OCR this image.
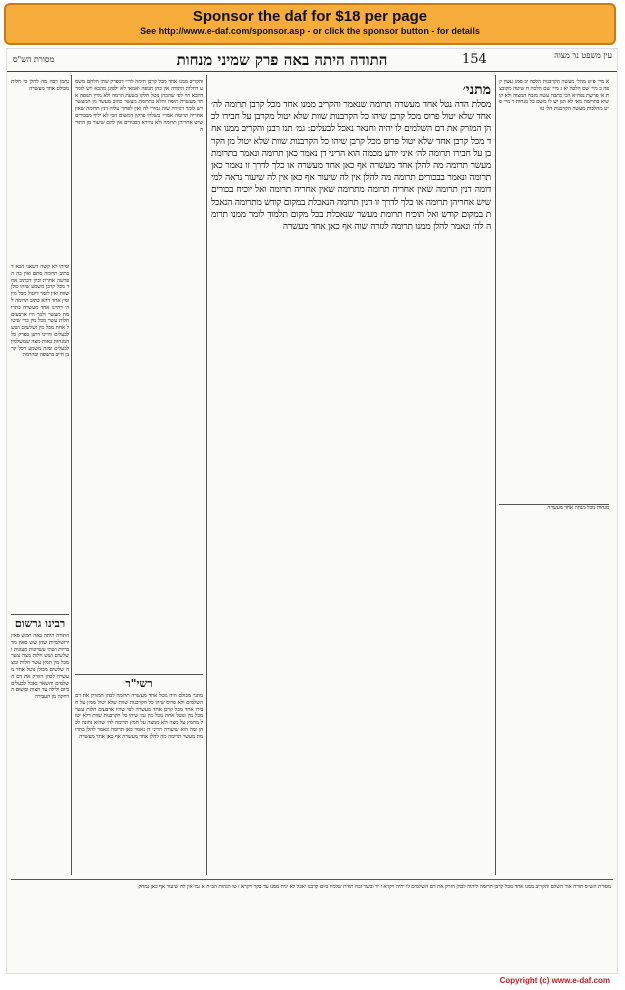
Sponsor the daf for $18 per page
See http://www.e-daf.com/sponsor.asp - or click the sponsor button - for details
מסורת הש"ס	התודה היתה באה פרק שמיני מנחות	154	עין משפט נר מצוה
נחמן רבה מה להלן כי חלות מכולם אחד מעשרה
ומיהו לא קשה דשאני הכא דכתיב תרומה סתם ואין בה הפרשה אחרת וכיון דכתיב אחד מכל קרבן משמע שיהו כולן שוות ואין לומר דיטול מכל מין ומין אחד דהא כתיב תרומה לה׳ דהיינו אחד מעשרה כתרומת מעשר ולכך היו ארבעים חלות עשר מכל מין כדי שיטול אחת מכל מין ושלשים ושש לבעלים והיינו דתנן בפרק כל המנחות באות מצה שמשלמין לבעלים ומזה משמע דכל קרבן חייב בתנופה ובהרמה
רבינו גרשום
התודה היתה באה חמש סאין ירושלמיות שהן שש סאין מדבריות ושתי עשרונות מעוגות ושלשים ושש חלות מצה עשר מכל מין חמץ עשר חלות ומצה שלשים מכולן נוטל אחד מעשרה לכהן הזורק את דם השלמים והשאר נאכל לבעלים ביום ולילה עד חצות ומשום הרחקה מן העבירה
והקריב ממנו אחד מכל קרבן תימה לר״י דבפרק שתי הלחם משמע דחלות התודה אין בהן תנופה ואמאי לא ילפינן מהכא ויש לומר דהכא הוי לפי שהכהן נוטל חלקו בשעת הרמה ולא מדין תנופה אחד מעשרה תימה והלא בתרומת מעשר כתיב מעשר מן המעשר ויש לומר דגזירה שוה גמירי לה ואין לפרוך עליה דנין תרומה שאין אחריה תרומה אמרי׳ בשלהי פרקין דמשום הכי לא יליף מבכורים שיש אחריהן תרומה ולא נהירא דבכורים אין להם שיעור מן התורה
רשי"ר
מתני׳ מכולם היה נוטל אחד מעשרה תרומה לכהן המזרק את דם השלמים ולא פרוס שיהו כל הקרבנות שוות שלא יטול ממין על חבירו אחד מכל קרבן אחד מעשרה לפי שהיו ארבעים חלות עשר מכל מין ונוטל אחת מכל מין גמ׳ שיהו כל הקרבנות שוות דלא יטול מחמץ על מצה ולא ממצה על חמץ תרומה לה׳ שהיא נתונה לכהן ומה הוא שיעורה הריני דן נאמר כאן תרומה ונאמר להלן בתרומת מעשר תרומה מה להלן אחד מעשרה אף כאן אחד מעשרה
מתני׳
מסלת הדה נטל אחד מעשרה תרומה שנאמר והקריב ממנו אחד מכל קרבן תרומה לה׳ אחד שלא יטול פרוס מכל קרבן שיהו כל הקרבנות שוות שלא יטול מקרבן על חבירו לכהן המזרק את דם השלמים לו יהיה וחנאר נאכל לבעלים: גמ׳ תנו רבנן והקריב ממנו אחד מכל קרבן אחד שלא יטול פרוס מכל קרבן שיהו כל הקרבנות שוות שלא יטול מן הקרבן על חבירו תרומה לה׳ איני יודע מכמה הוא הריני דן נאמר כאן תרומה ונאמר בתרומת מעשר תרומה מה להלן אחד מעשרה אף כאן אחד מעשרה או כלך לדרך זו נאמר כאן תרומה ונאמר בבכורים תרומה מה להלן אין לה שיעור אף כאן אין לה שיעור נראה למי דומה דנין תרומה שאין אחריה תרומה מתרומה שאין אחריה תרומה ואל יוכיח בכורים שיש אחריהן תרומה או כלך לדרך זו דנין תרומה הנאכלת במקום קודש מתרומה הנאכלת במקום קודש ואל תוכיח תרומת מעשר שנאכלת בכל מקום תלמוד לומר ממנו תרומה לה׳ ונאמר להלן ממנו תרומה לגזרה שוה אף כאן אחד מעשרה
א מיי׳ פ״ט מהל׳ מעשה הקרבנות הלכה יב סמג עשין קפה ב מיי׳ שם הלכה יא ג מיי׳ שם הלכה ח שיטה מקובצת א׳ פרשת נפח״א הכי כתבה עשה מזבח המצוה ולא קושיא בתרומה מאי לא תנן יש לו משם כל מנחות ד מיי׳ פ״ט מהלכות מעשה הקרבנות הל׳ טו
מנחות מכל מנחה אחד מעשרה
מסורת הש״ס תורה אור השלם והקריב ממנו אחד מכל קרבן תרומה ליהוה לכהן הזרק את דם השלמים לו יהיה ויקרא ז יד ובשר זבח תודת שלמיו ביום קרבנו יאכל לא יניח ממנו עד בקר ויקרא ז טו הגהות הב״ח א גמ׳ אין לה שיעור אף כאן נמחק
Copyright (c) www.e-daf.com
